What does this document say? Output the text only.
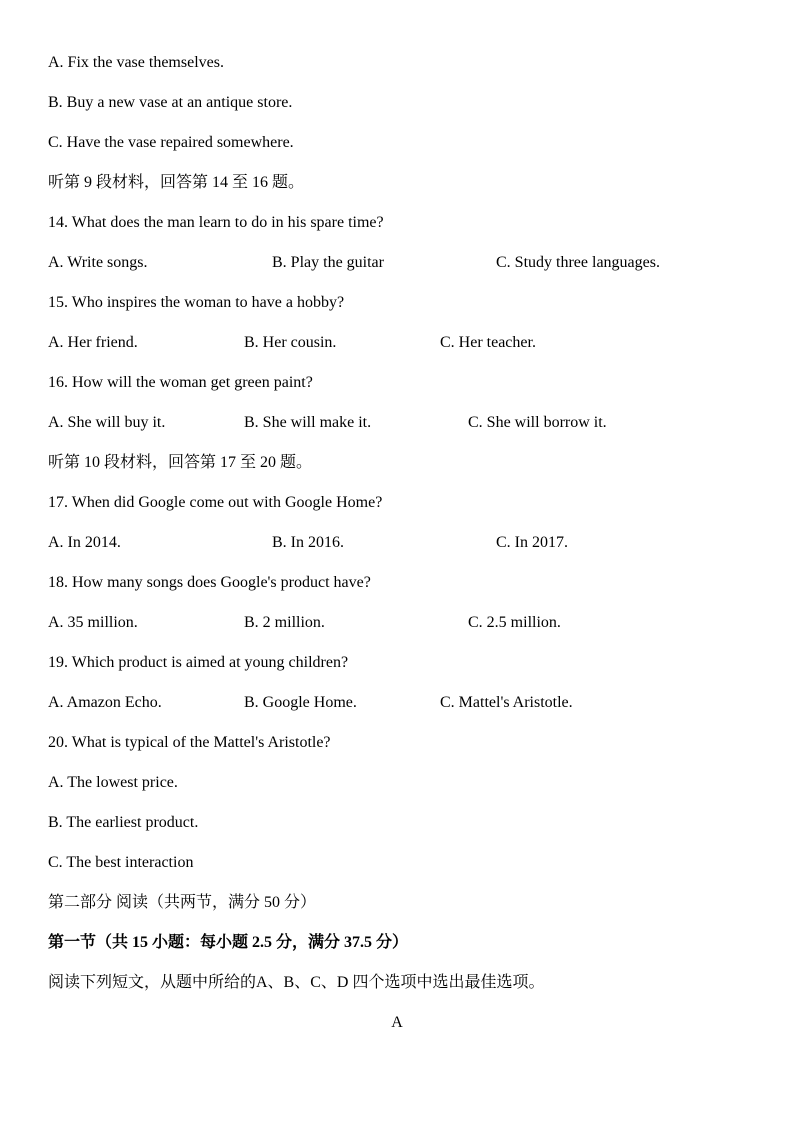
A. Fix the vase themselves.
B. Buy a new vase at an antique store.
C. Have the vase repaired somewhere.
听第 9 段材料，回答第 14 至 16 题。
14. What does the man learn to do in his spare time?
A. Write songs.	B. Play the guitar	C. Study three languages.
15. Who inspires the woman to have a hobby?
A. Her friend.	B. Her cousin.	C. Her teacher.
16. How will the woman get green paint?
A. She will buy it.	B. She will make it.	C. She will borrow it.
听第 10 段材料，回答第 17 至 20 题。
17. When did Google come out with Google Home?
A. In 2014.	B. In 2016.	C. In 2017.
18. How many songs does Google's product have?
A. 35 million.	B. 2 million.	C. 2.5 million.
19. Which product is aimed at young children?
A. Amazon Echo.	B. Google Home.	C. Mattel's Aristotle.
20. What is typical of the Mattel's Aristotle?
A. The lowest price.
B. The earliest product.
C. The best interaction
第二部分 阅读（共两节，满分 50 分）
第一节（共 15 小题：每小题 2.5 分，满分 37.5 分）
阅读下列短文，从题中所给的A、B、C、D 四个选项中选出最佳选项。
A
